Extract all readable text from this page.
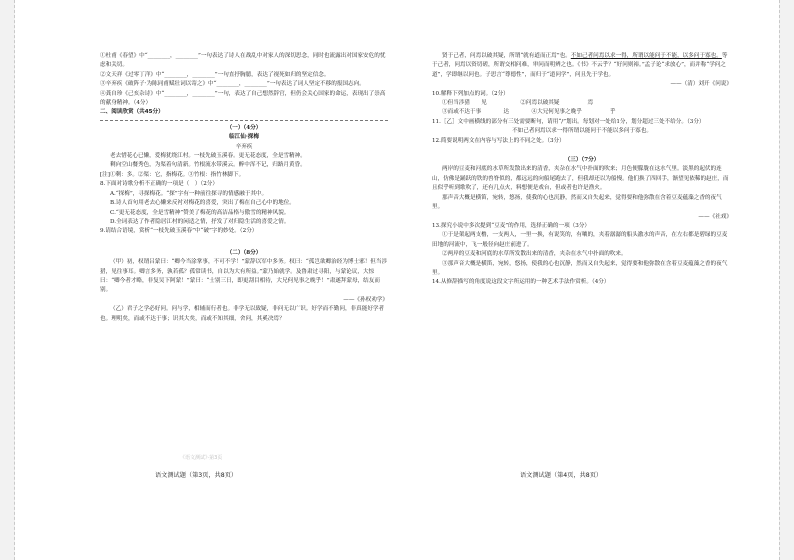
①杜甫《春望》中“________，________”一句表达了诗人在战乱中对家人的深切思念，同时也流露出对国家安危的忧虑和关切。

②文天祥《过零丁洋》中“________，________”一句直抒胸臆，表达了视死如归的坚定信念。

③辛弃疾《破阵子·为陈同甫赋壮词以寄之》中“________，________”一句表达了词人坚定不移的报国志向。

④龚自珍《己亥杂诗》中“________，________”一句，表达了自己想然辞官，但仍会关心国家的命运，表现出了崇高的献身精神。（4分）

二、阅读欣赏（共45分）

（一）（4分）

临江仙·探梅

辛弃疾

老去惜花心已懒，爱梅犹绕江村。一枝先破玉溪春。更无花态度，全是雪精神。

剩向空山餐秀色，为渠着句清新。竹根流水带溪云。醉中浑不记，归路月黄昏。

[注]①剩：多。②渠：它，指梅花。③竹根：指竹林脚下。

8.下面对诗歌分析不正确的一项是（　）（2分）

A.“探梅”，寻探梅花。“探”字有一种前往探寻的情感融于其中。

B.诗人首句用老去心懒来反衬对梅花的喜爱，突出了梅在自己心中的地位。

C.“更无花态度，全是雪精神”赞美了梅花的高洁品格与傲雪的精神风貌。

D.全词表达了作者隐居江村的闲适之情，抒发了对归隐生活的喜爱之情。

9.请结合语境，赏析“一枝先破玉溪春”中“破”字的妙处。（2分）

（二）（8分）

（甲）初，权谓吕蒙曰：“卿今当涂掌事，不可不学！”蒙辞以军中多务。权曰：“孤岂欲卿治经为博士邪！但当涉猎，见往事耳。卿言多务，孰若孤？孤常读书，自以为大有所益。”蒙乃始就学。及鲁肃过寻阳，与蒙论议，大惊曰：“卿今者才略，非复吴下阿蒙！”蒙曰：“士别三日，即更刮目相待，大兄何见事之晚乎！”肃遂拜蒙母，结友而别。

——《孙权劝学》

（乙）君子之学必好问。问与学，相辅而行者也。非学无以致疑，非问无以广识。好学而不勤问，非真能好学者也。理明矣，而或不达于事；识其大矣，而或不知其细，舍问，其奚决焉？

《语文测试》·第3页
语文测试题（第3页，共8页）

贤于己者，问焉以破其疑，所谓“就有道而正焉”也。不如己者问焉以求一得，所谓以能问于不能，以多问于寡也。等于己者，问焉以资切磋，所谓交相问难，审问而明辨之也。《书》不云乎？“好问则裕。”孟子论“求放心”，而并称“学问之道”，学即继以问也。子思言“尊德性”，而归于“道问学”，问且先于学也。

——（清）刘开《问说》

10.解释下列加点的词。（2分）

①但当涉猎　　见　　　　　　②问焉以破其疑　　　　　焉

③而或不达于事　　　　达　　　　④大兄何见事之晚乎　　　　　乎

11.［乙］文中画横线的部分有三处需要断句，请用“/”划出。每划对一处给1分，划分超过三处不给分。（3分）

不如己者问焉以求一得所谓以能问于不能以多问于寡也。

12.简要说明两文在内容与写法上的不同之处。（3分）

（三）（7分）

两岸的豆麦和河底的水草所发散出来的清香，夹杂在水气中扑面的吹来；月色便朦胧在这水气里。淡黑的起伏的连山，仿佛是踊跃的铁的兽脊似的，都远远的向船尾跑去了，但我却还以为船慢。他们换了四回手，渐望见依稀的赵庄，而且似乎听到歌吹了，还有几点火，料想便是戏台，但或者也许是渔火。

那声音大概是横笛，宛转，悠扬，使我的心也沉静，然而又自失起来，觉得要和他弥散在含着豆麦蕴藻之香的夜气里。

——《社戏》

13.探究小说中多次提到“豆麦”的作用，选择正确的一项（3分）

①于是架起两支橹，一支两人，一里一换，有说笑的，有嚷的，夹着潺潺的船头激水的声音，在左右都是碧绿的豆麦田地的河流中，飞一般径向赵庄前进了。

②两岸的豆麦和河底的水草所发散出来的清香，夹杂在水气中扑面的吹来。

③那声音大概是横笛，宛转，悠扬，使我的心也沉静，然而又自失起来，觉得要和他弥散在含着豆麦蕴藻之香的夜气里。

14.从修辞描写的角度说这段文字所运用的一种艺术手法作赏析。（4分）

语文测试题（第4页，共8页）
